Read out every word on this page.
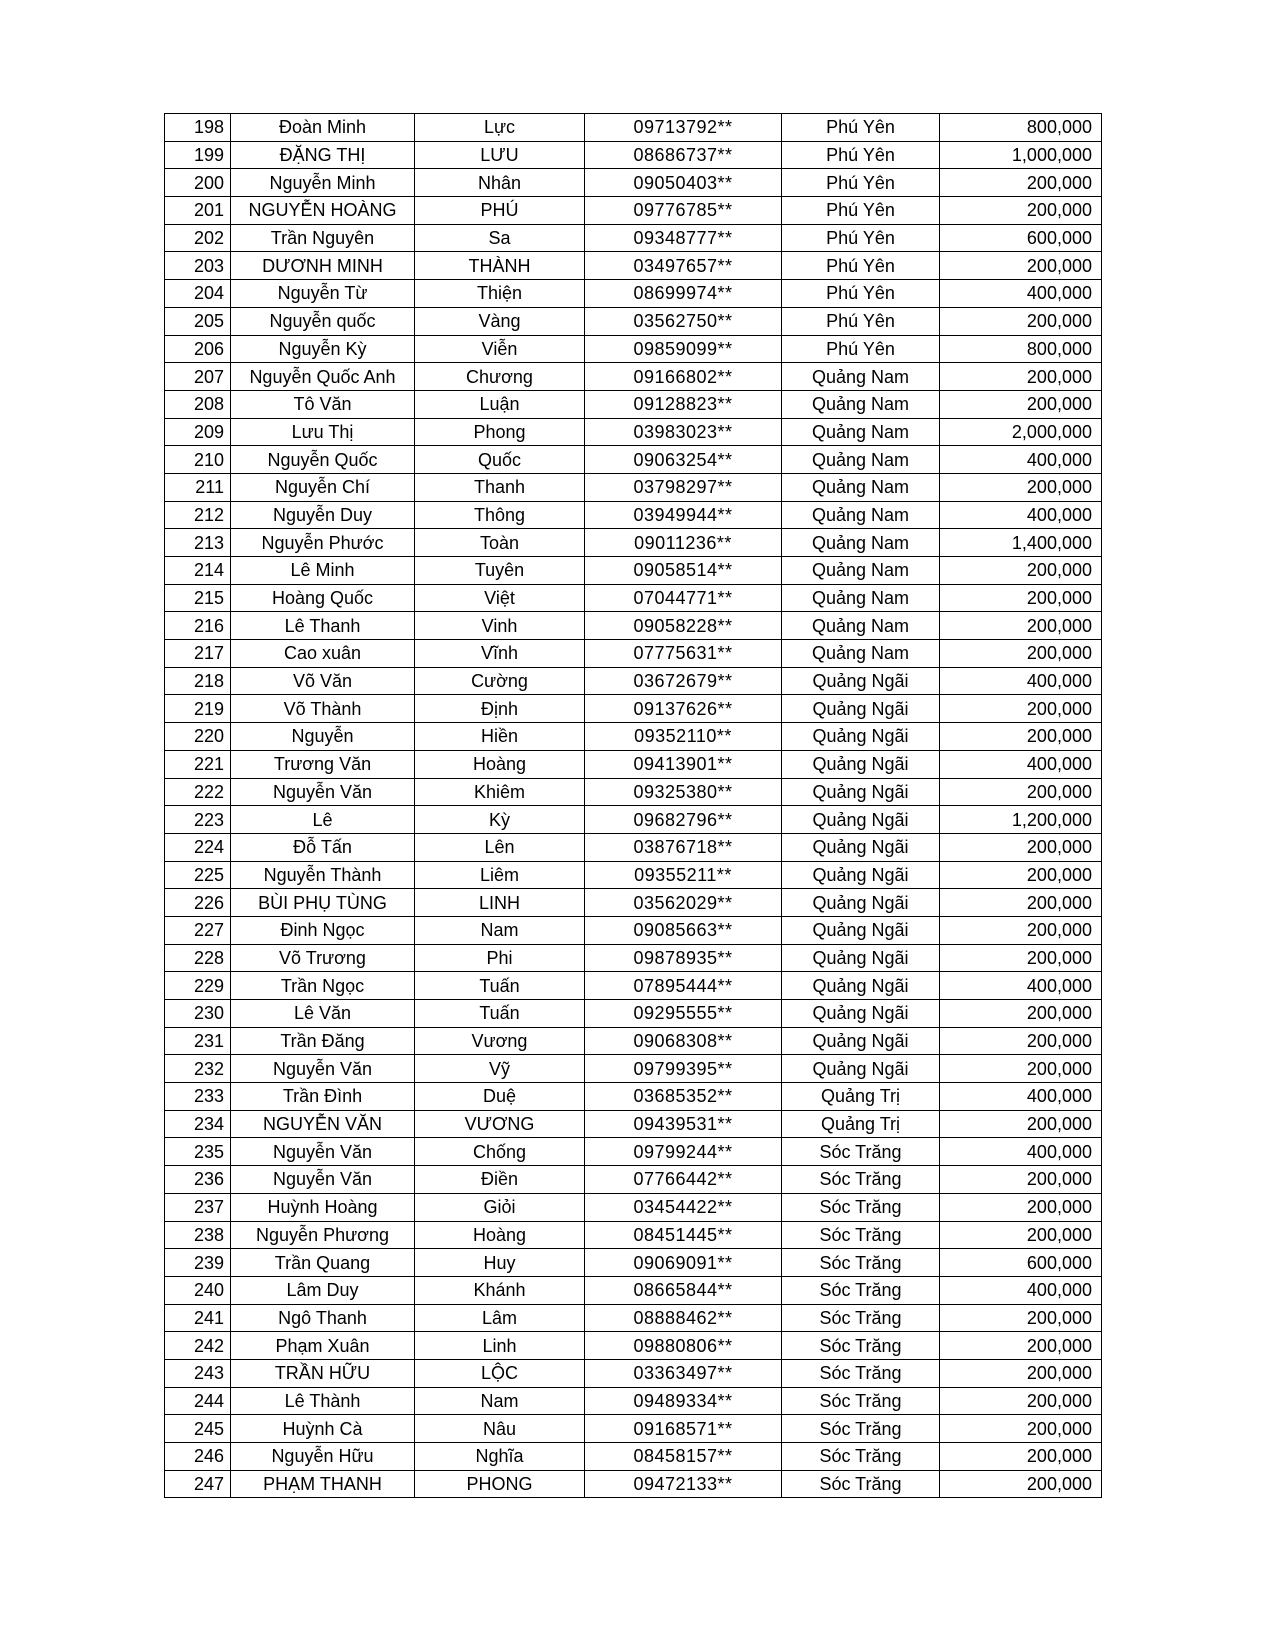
198	Đoàn Minh	Lực	09713792**	Phú Yên	800,000
199	ĐẶNG THỊ	LƯU	08686737**	Phú Yên	1,000,000
200	Nguyễn Minh	Nhân	09050403**	Phú Yên	200,000
201	NGUYỄN HOÀNG	PHÚ	09776785**	Phú Yên	200,000
202	Trần Nguyên	Sa	09348777**	Phú Yên	600,000
203	DƯƠNH MINH	THÀNH	03497657**	Phú Yên	200,000
204	Nguyễn Từ	Thiện	08699974**	Phú Yên	400,000
205	Nguyễn quốc	Vàng	03562750**	Phú Yên	200,000
206	Nguyễn Kỳ	Viễn	09859099**	Phú Yên	800,000
207	Nguyễn Quốc Anh	Chương	09166802**	Quảng Nam	200,000
208	Tô Văn	Luận	09128823**	Quảng Nam	200,000
209	Lưu Thị	Phong	03983023**	Quảng Nam	2,000,000
210	Nguyễn Quốc	Quốc	09063254**	Quảng Nam	400,000
211	Nguyễn Chí	Thanh	03798297**	Quảng Nam	200,000
212	Nguyễn Duy	Thông	03949944**	Quảng Nam	400,000
213	Nguyễn Phước	Toàn	09011236**	Quảng Nam	1,400,000
214	Lê Minh	Tuyên	09058514**	Quảng Nam	200,000
215	Hoàng Quốc	Việt	07044771**	Quảng Nam	200,000
216	Lê Thanh	Vinh	09058228**	Quảng Nam	200,000
217	Cao xuân	Vĩnh	07775631**	Quảng Nam	200,000
218	Võ Văn	Cường	03672679**	Quảng Ngãi	400,000
219	Võ Thành	Định	09137626**	Quảng Ngãi	200,000
220	Nguyễn	Hiền	09352110**	Quảng Ngãi	200,000
221	Trương Văn	Hoàng	09413901**	Quảng Ngãi	400,000
222	Nguyễn Văn	Khiêm	09325380**	Quảng Ngãi	200,000
223	Lê	Kỳ	09682796**	Quảng Ngãi	1,200,000
224	Đỗ Tấn	Lên	03876718**	Quảng Ngãi	200,000
225	Nguyễn Thành	Liêm	09355211**	Quảng Ngãi	200,000
226	BÙI PHỤ TÙNG	LINH	03562029**	Quảng Ngãi	200,000
227	Đinh Ngọc	Nam	09085663**	Quảng Ngãi	200,000
228	Võ Trương	Phi	09878935**	Quảng Ngãi	200,000
229	Trần Ngọc	Tuấn	07895444**	Quảng Ngãi	400,000
230	Lê Văn	Tuấn	09295555**	Quảng Ngãi	200,000
231	Trần Đăng	Vương	09068308**	Quảng Ngãi	200,000
232	Nguyễn Văn	Vỹ	09799395**	Quảng Ngãi	200,000
233	Trần Đình	Duệ	03685352**	Quảng Trị	400,000
234	NGUYỄN VĂN	VƯƠNG	09439531**	Quảng Trị	200,000
235	Nguyễn Văn	Chống	09799244**	Sóc Trăng	400,000
236	Nguyễn Văn	Điền	07766442**	Sóc Trăng	200,000
237	Huỳnh Hoàng	Giỏi	03454422**	Sóc Trăng	200,000
238	Nguyễn Phương	Hoàng	08451445**	Sóc Trăng	200,000
239	Trần Quang	Huy	09069091**	Sóc Trăng	600,000
240	Lâm Duy	Khánh	08665844**	Sóc Trăng	400,000
241	Ngô Thanh	Lâm	08888462**	Sóc Trăng	200,000
242	Phạm Xuân	Linh	09880806**	Sóc Trăng	200,000
243	TRẦN HỮU	LỘC	03363497**	Sóc Trăng	200,000
244	Lê Thành	Nam	09489334**	Sóc Trăng	200,000
245	Huỳnh Cà	Nâu	09168571**	Sóc Trăng	200,000
246	Nguyễn Hữu	Nghĩa	08458157**	Sóc Trăng	200,000
247	PHẠM THANH	PHONG	09472133**	Sóc Trăng	200,000
